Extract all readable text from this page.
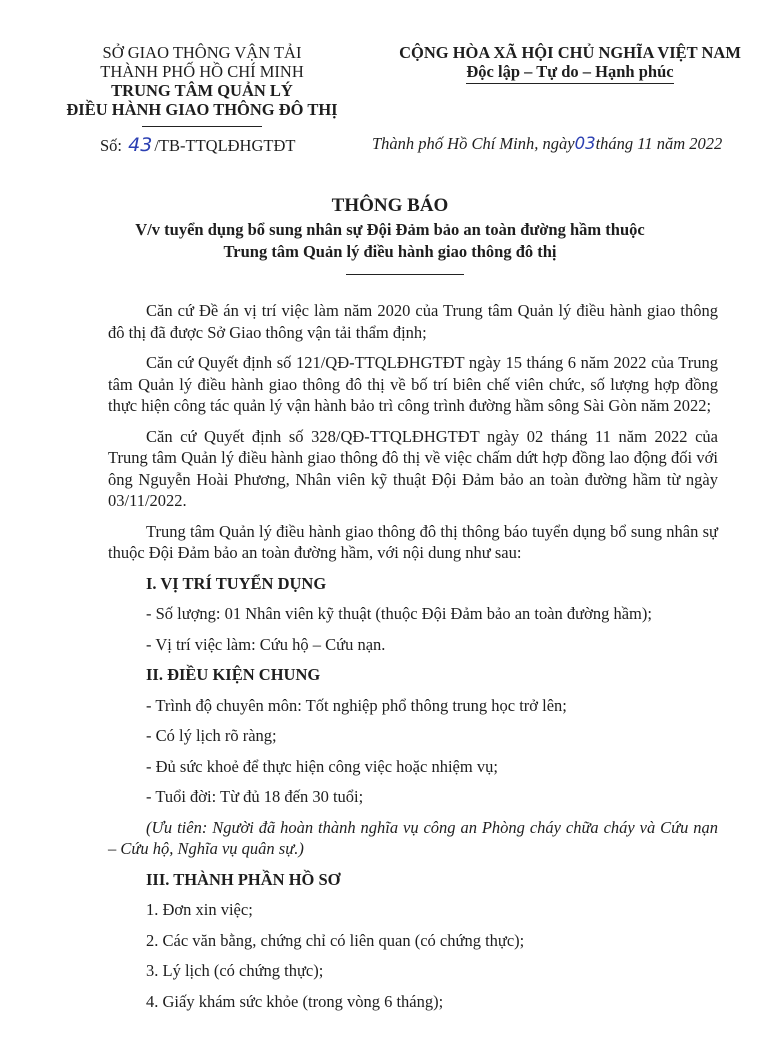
SỞ GIAO THÔNG VẬN TẢI
THÀNH PHỐ HỒ CHÍ MINH
TRUNG TÂM QUẢN LÝ
ĐIỀU HÀNH GIAO THÔNG ĐÔ THỊ
CỘNG HÒA XÃ HỘI CHỦ NGHĨA VIỆT NAM
Độc lập – Tự do – Hạnh phúc
Số: 43 /TB-TTQLĐHGTĐT	Thành phố Hồ Chí Minh, ngày03tháng 11 năm 2022
THÔNG BÁO
V/v tuyển dụng bổ sung nhân sự Đội Đảm bảo an toàn đường hầm thuộc
Trung tâm Quản lý điều hành giao thông đô thị

Căn cứ Đề án vị trí việc làm năm 2020 của Trung tâm Quản lý điều hành giao thông đô thị đã được Sở Giao thông vận tải thẩm định;

Căn cứ Quyết định số 121/QĐ-TTQLĐHGTĐT ngày 15 tháng 6 năm 2022 của Trung tâm Quản lý điều hành giao thông đô thị về bố trí biên chế viên chức, số lượng hợp đồng thực hiện công tác quản lý vận hành bảo trì công trình đường hầm sông Sài Gòn năm 2022;

Căn cứ Quyết định số 328/QĐ-TTQLĐHGTĐT ngày 02 tháng 11 năm 2022 của Trung tâm Quản lý điều hành giao thông đô thị về việc chấm dứt hợp đồng lao động đối với ông Nguyễn Hoài Phương, Nhân viên kỹ thuật Đội Đảm bảo an toàn đường hầm từ ngày 03/11/2022.

Trung tâm Quản lý điều hành giao thông đô thị thông báo tuyển dụng bổ sung nhân sự thuộc Đội Đảm bảo an toàn đường hầm, với nội dung như sau:

I. VỊ TRÍ TUYỂN DỤNG

- Số lượng: 01 Nhân viên kỹ thuật (thuộc Đội Đảm bảo an toàn đường hầm);

- Vị trí việc làm: Cứu hộ – Cứu nạn.

II. ĐIỀU KIỆN CHUNG

- Trình độ chuyên môn: Tốt nghiệp phổ thông trung học trở lên;

- Có lý lịch rõ ràng;

- Đủ sức khoẻ để thực hiện công việc hoặc nhiệm vụ;

- Tuổi đời: Từ đủ 18 đến 30 tuổi;

(Ưu tiên: Người đã hoàn thành nghĩa vụ công an Phòng cháy chữa cháy và Cứu nạn – Cứu hộ, Nghĩa vụ quân sự.)

III. THÀNH PHẦN HỒ SƠ
1. Đơn xin việc;
2. Các văn bằng, chứng chỉ có liên quan (có chứng thực);
3. Lý lịch (có chứng thực);
4. Giấy khám sức khỏe (trong vòng 6 tháng);
